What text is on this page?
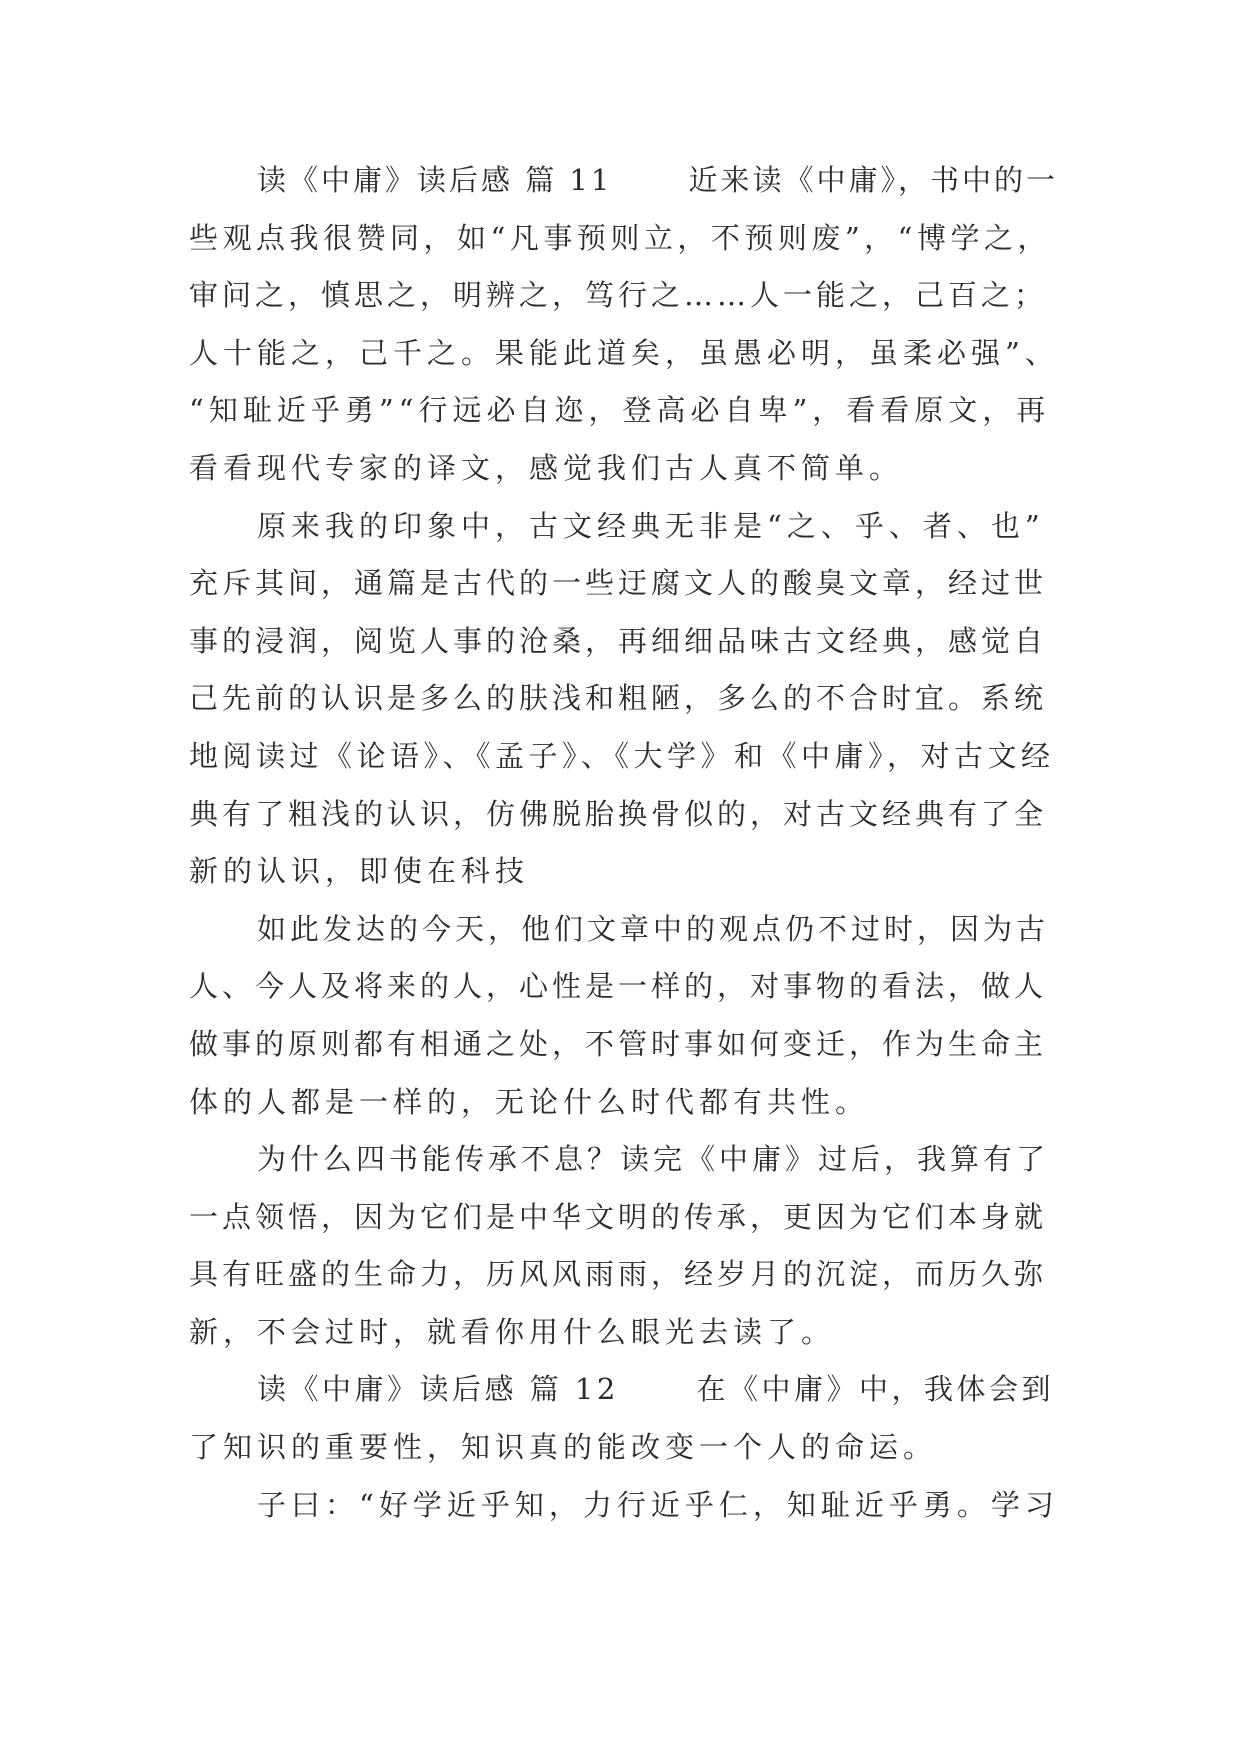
读《中庸》读后感 篇 11 　　近来读《中庸》，书中的一
些观点我很赞同，如“凡事预则立，不预则废”，“博学之，
审问之，慎思之，明辨之，笃行之……人一能之，己百之；
人十能之，己千之。果能此道矣，虽愚必明，虽柔必强”、
“知耻近乎勇”“行远必自迩，登高必自卑”，看看原文，再
看看现代专家的译文，感觉我们古人真不简单。
原来我的印象中，古文经典无非是“之、乎、者、也”
充斥其间，通篇是古代的一些迂腐文人的酸臭文章，经过世
事的浸润，阅览人事的沧桑，再细细品味古文经典，感觉自
己先前的认识是多么的肤浅和粗陋，多么的不合时宜。系统
地阅读过《论语》、《孟子》、《大学》和《中庸》，对古文经
典有了粗浅的认识，仿佛脱胎换骨似的，对古文经典有了全
新的认识，即使在科技
如此发达的今天，他们文章中的观点仍不过时，因为古
人、今人及将来的人，心性是一样的，对事物的看法，做人
做事的原则都有相通之处，不管时事如何变迁，作为生命主
体的人都是一样的，无论什么时代都有共性。
为什么四书能传承不息？读完《中庸》过后，我算有了
一点领悟，因为它们是中华文明的传承，更因为它们本身就
具有旺盛的生命力，历风风雨雨，经岁月的沉淀，而历久弥
新，不会过时，就看你用什么眼光去读了。
读《中庸》读后感 篇 12 　　在《中庸》中，我体会到
了知识的重要性，知识真的能改变一个人的命运。
子曰：“好学近乎知，力行近乎仁，知耻近乎勇。学习
